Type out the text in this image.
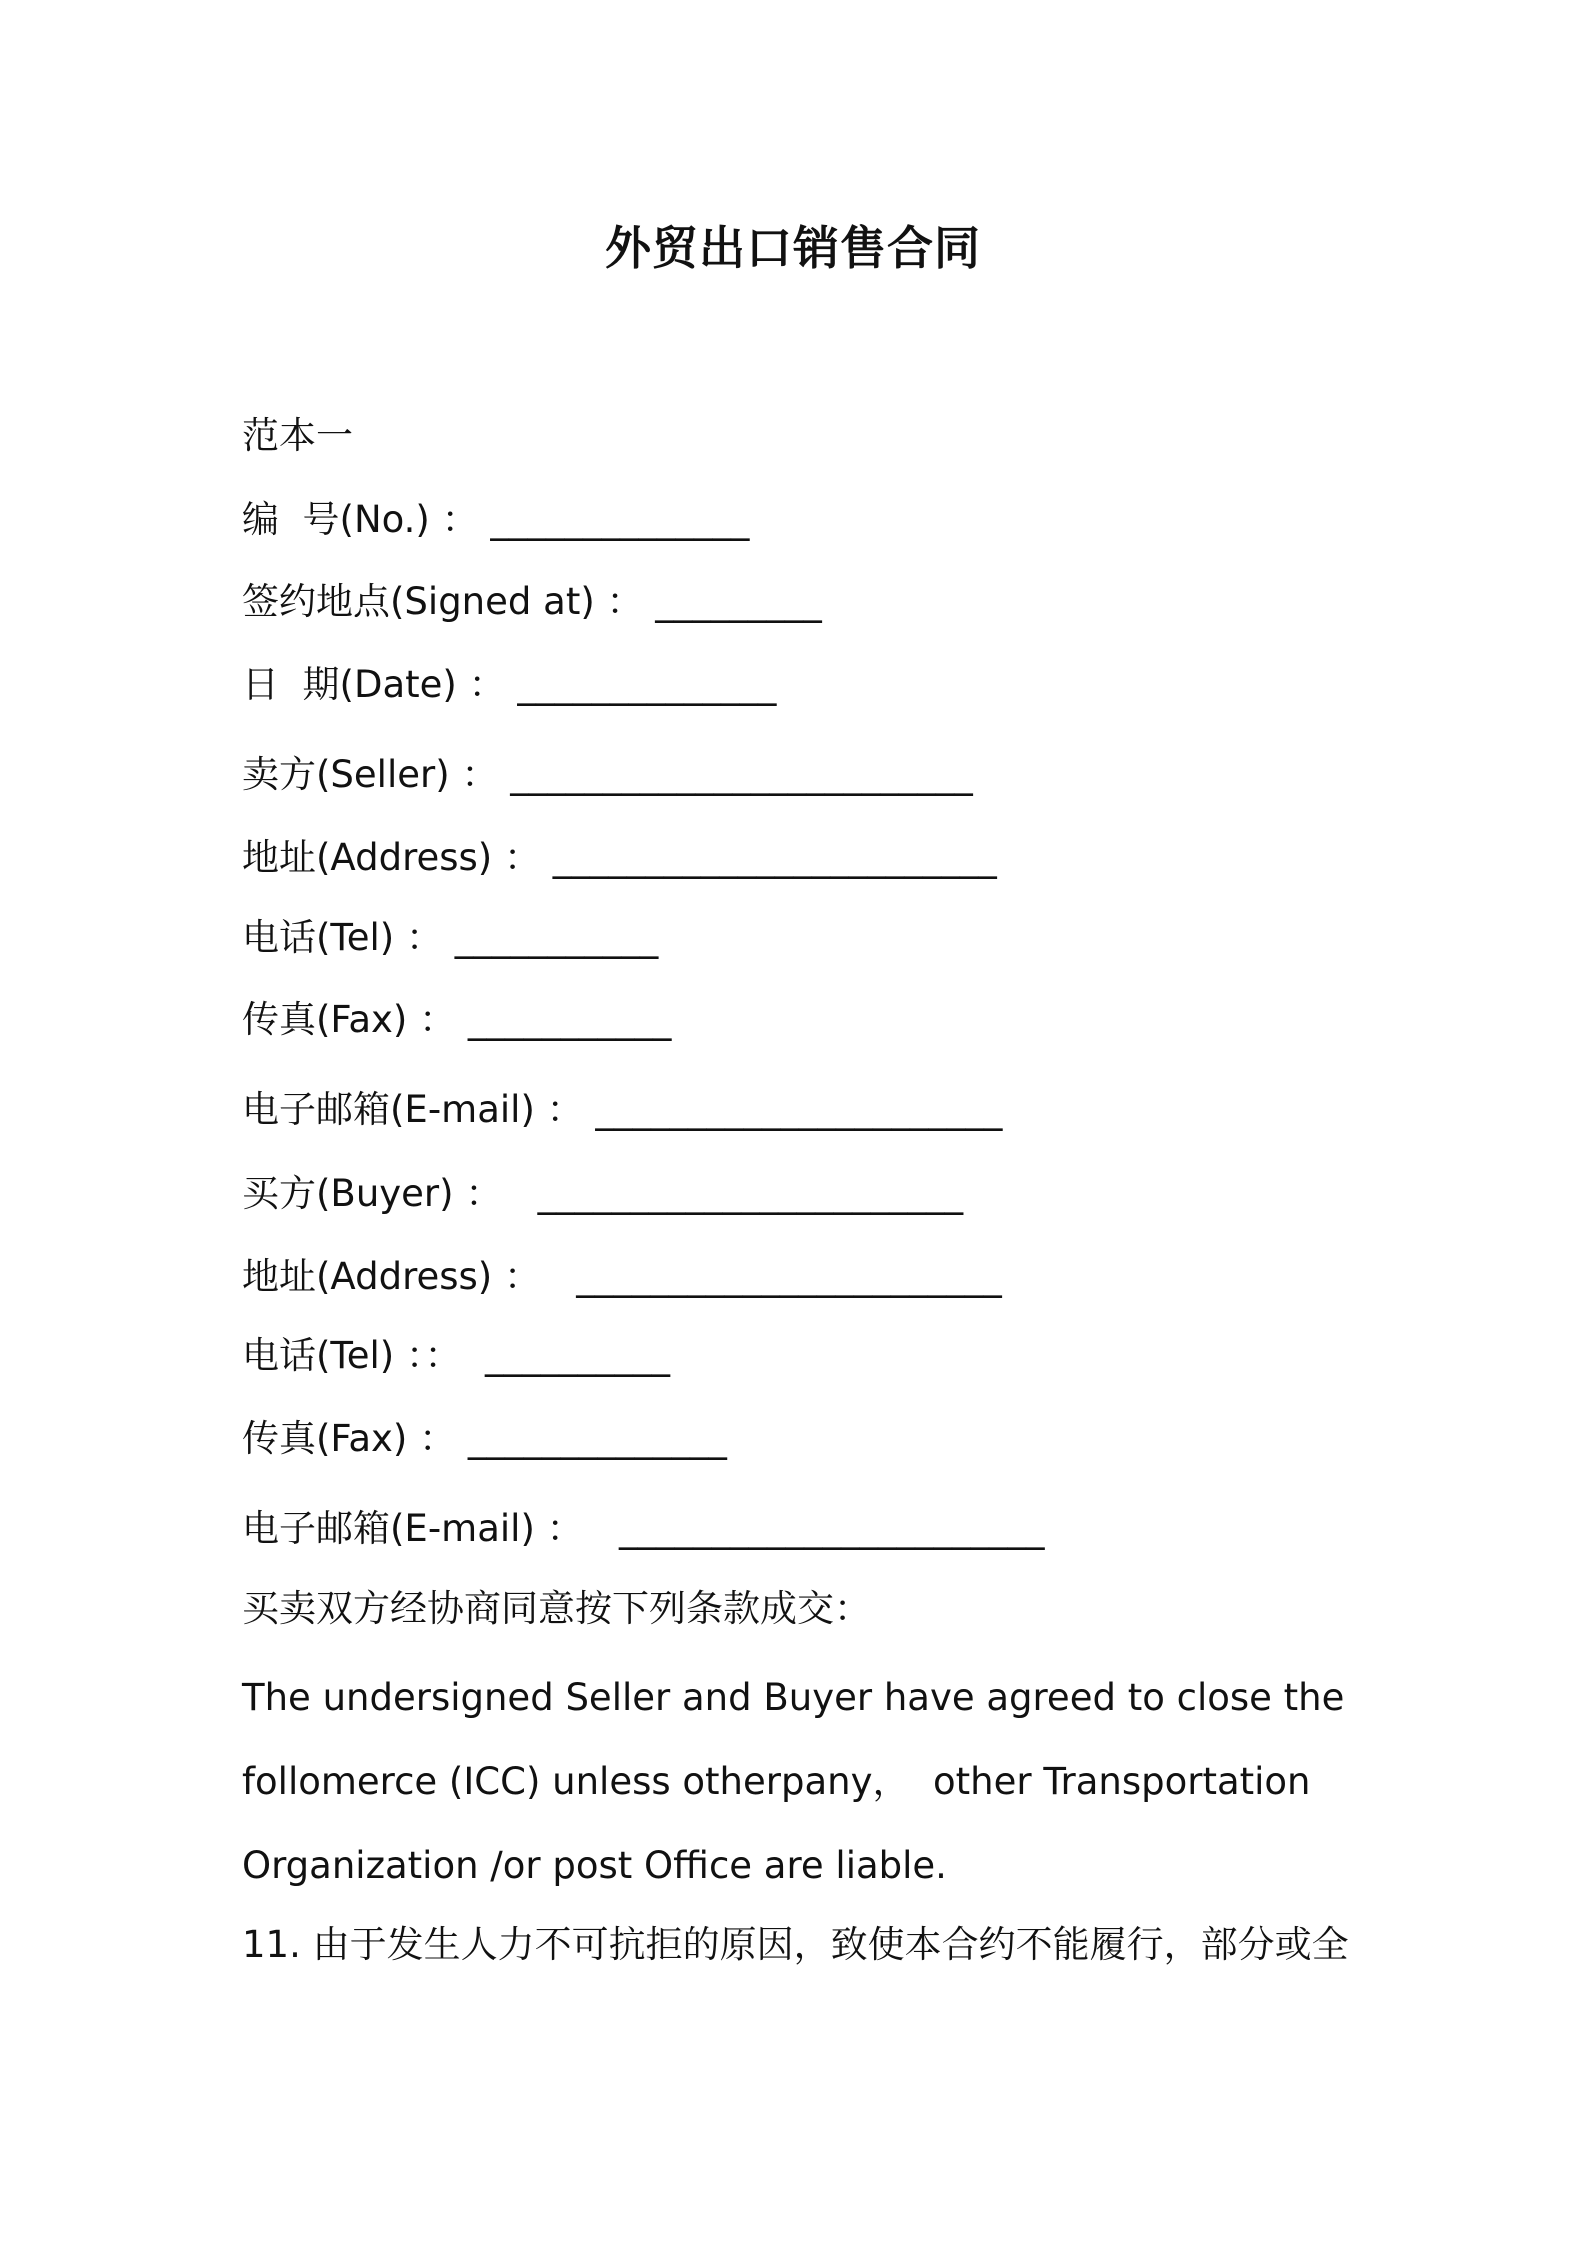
外贸出口销售合同

范本一

编  号(No.) ： ______________

签约地点(Signed at) ： _________

日  期(Date) ： ______________

卖方(Seller) ： _________________________

地址(Address) ： ________________________

电话(Tel) ： ___________

传真(Fax) ： ___________

电子邮箱(E-mail) ： ______________________

买方(Buyer) ：   _______________________

地址(Address) ：   _______________________

电话(Tel) ：：  __________

传真(Fax) ： ______________

电子邮箱(E-mail) ：   _______________________

买卖双方经协商同意按下列条款成交：

The undersigned Seller and Buyer have agreed to close the

follomerce (ICC) unless otherpany，  other Transportation

Organization /or post Office are liable.

11. 由于发生人力不可抗拒的原因，致使本合约不能履行，部分或全
